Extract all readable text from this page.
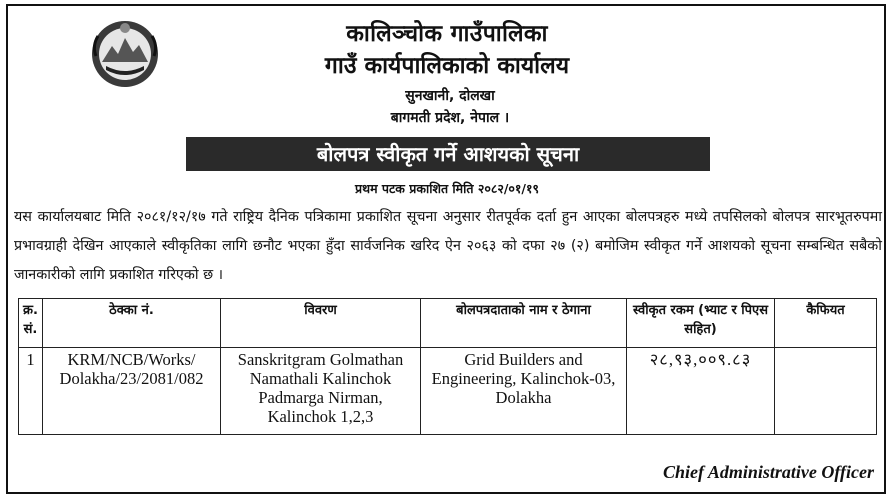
कालिञ्चोक गाउँपालिका
गाउँ कार्यपालिकाको कार्यालय
सुनखानी, दोलखा
बागमती प्रदेश, नेपाल ।
बोलपत्र स्वीकृत गर्ने आशयको सूचना
प्रथम पटक प्रकाशित मिति २०८२/०१/१९

यस कार्यालयबाट मिति २०८१/१२/१७ गते राष्ट्रिय दैनिक पत्रिकामा प्रकाशित सूचना अनुसार रीतपूर्वक दर्ता हुन आएका बोलपत्रहरु मध्ये तपसिलको बोलपत्र सारभूतरुपमा प्रभावग्राही देखिन आएकाले स्वीकृतिका लागि छनौट भएका हुँदा सार्वजनिक खरिद ऐन २०६३ को दफा २७ (२) बमोजिम स्वीकृत गर्ने आशयको सूचना सम्बन्धित सबैको जानकारीको लागि प्रकाशित गरिएको छ ।

क्र. सं.	ठेक्का नं.	विवरण	बोलपत्रदाताको नाम र ठेगाना	स्वीकृत रकम (भ्याट र पिएस सहित)	कैफियत
1	KRM/NCB/Works/ Dolakha/23/2081/082	Sanskritgram Golmathan Namathali Kalinchok Padmarga Nirman, Kalinchok 1,2,3	Grid Builders and Engineering, Kalinchok-03, Dolakha	२८,९३,००९.८३	
Chief Administrative Officer
